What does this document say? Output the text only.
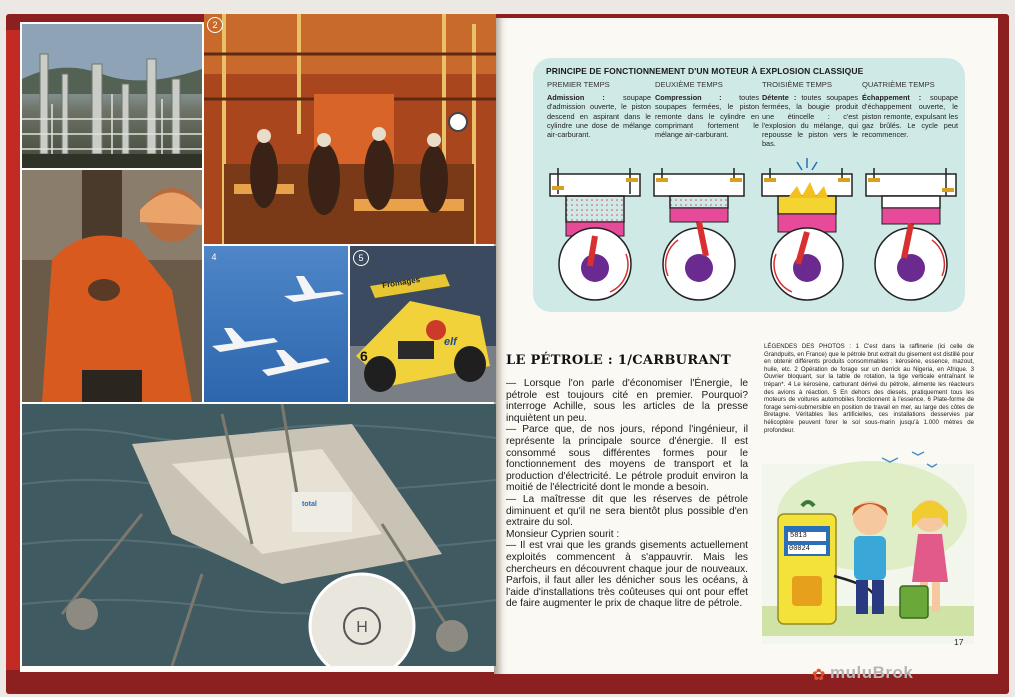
2
4	5
Fromages
elf
6
H
total
PRINCIPE DE FONCTIONNEMENT D'UN MOTEUR À EXPLOSION CLASSIQUE
PREMIER TEMPS
Admission : soupape d'admission ouverte, le piston descend en aspirant dans le cylindre une dose de mélange air-carburant.
DEUXIÈME TEMPS
Compression : toutes soupapes fermées, le piston remonte dans le cylindre en comprimant fortement le mélange air-carburant.
TROISIÈME TEMPS
Détente : toutes soupapes fermées, la bougie produit une étincelle : c'est l'explosion du mélange, qui repousse le piston vers le bas.
QUATRIÈME TEMPS
Échappement : soupape d'échappement ouverte, le piston remonte, expulsant les gaz brûlés. Le cycle peut recommencer.
LE PÉTROLE : 1/CARBURANT

— Lorsque l'on parle d'économiser l'Énergie, le pétrole est toujours cité en premier. Pourquoi? interroge Achille, sous les articles de la presse inquiètent un peu.

— Parce que, de nos jours, répond l'ingénieur, il représente la principale source d'énergie. Il est consommé sous différentes formes pour le fonctionnement des moyens de transport et la production d'électricité. Le pétrole produit environ la moitié de l'électricité dont le monde a besoin.

— La maîtresse dit que les réserves de pétrole diminuent et qu'il ne sera bientôt plus possible d'en extraire du sol.

Monsieur Cyprien sourit :

— Il est vrai que les grands gisements actuellement exploités commencent à s'appauvrir. Mais les chercheurs en découvrent chaque jour de nouveaux. Parfois, il faut aller les dénicher sous les océans, à l'aide d'installations très coûteuses qui ont pour effet de faire augmenter le prix de chaque litre de pétrole.

LÉGENDES DES PHOTOS : 1 C'est dans la raffinerie (ici celle de Grandpuits, en France) que le pétrole brut extrait du gisement est distillé pour en obtenir différents produits consommables : kérosène, essence, mazout, huile, etc. 2 Opération de forage sur un derrick au Nigeria, en Afrique. 3 Ouvrier bloquant, sur la table de rotation, la tige verticale entraînant le trépan*. 4 Le kérosène, carburant dérivé du pétrole, alimente les réacteurs des avions à réaction. 5 En dehors des diesels, pratiquement tous les moteurs de voitures automobiles fonctionnent à l'essence. 6 Plate-forme de forage semi-submersible en position de travail en mer, au large des côtes de Bretagne. Véritables îles artificielles, ces installations desservies par hélicoptère peuvent forer le sol sous-marin jusqu'à 1.000 mètres de profondeur.
5813
00024
17
✿ muluBrok
